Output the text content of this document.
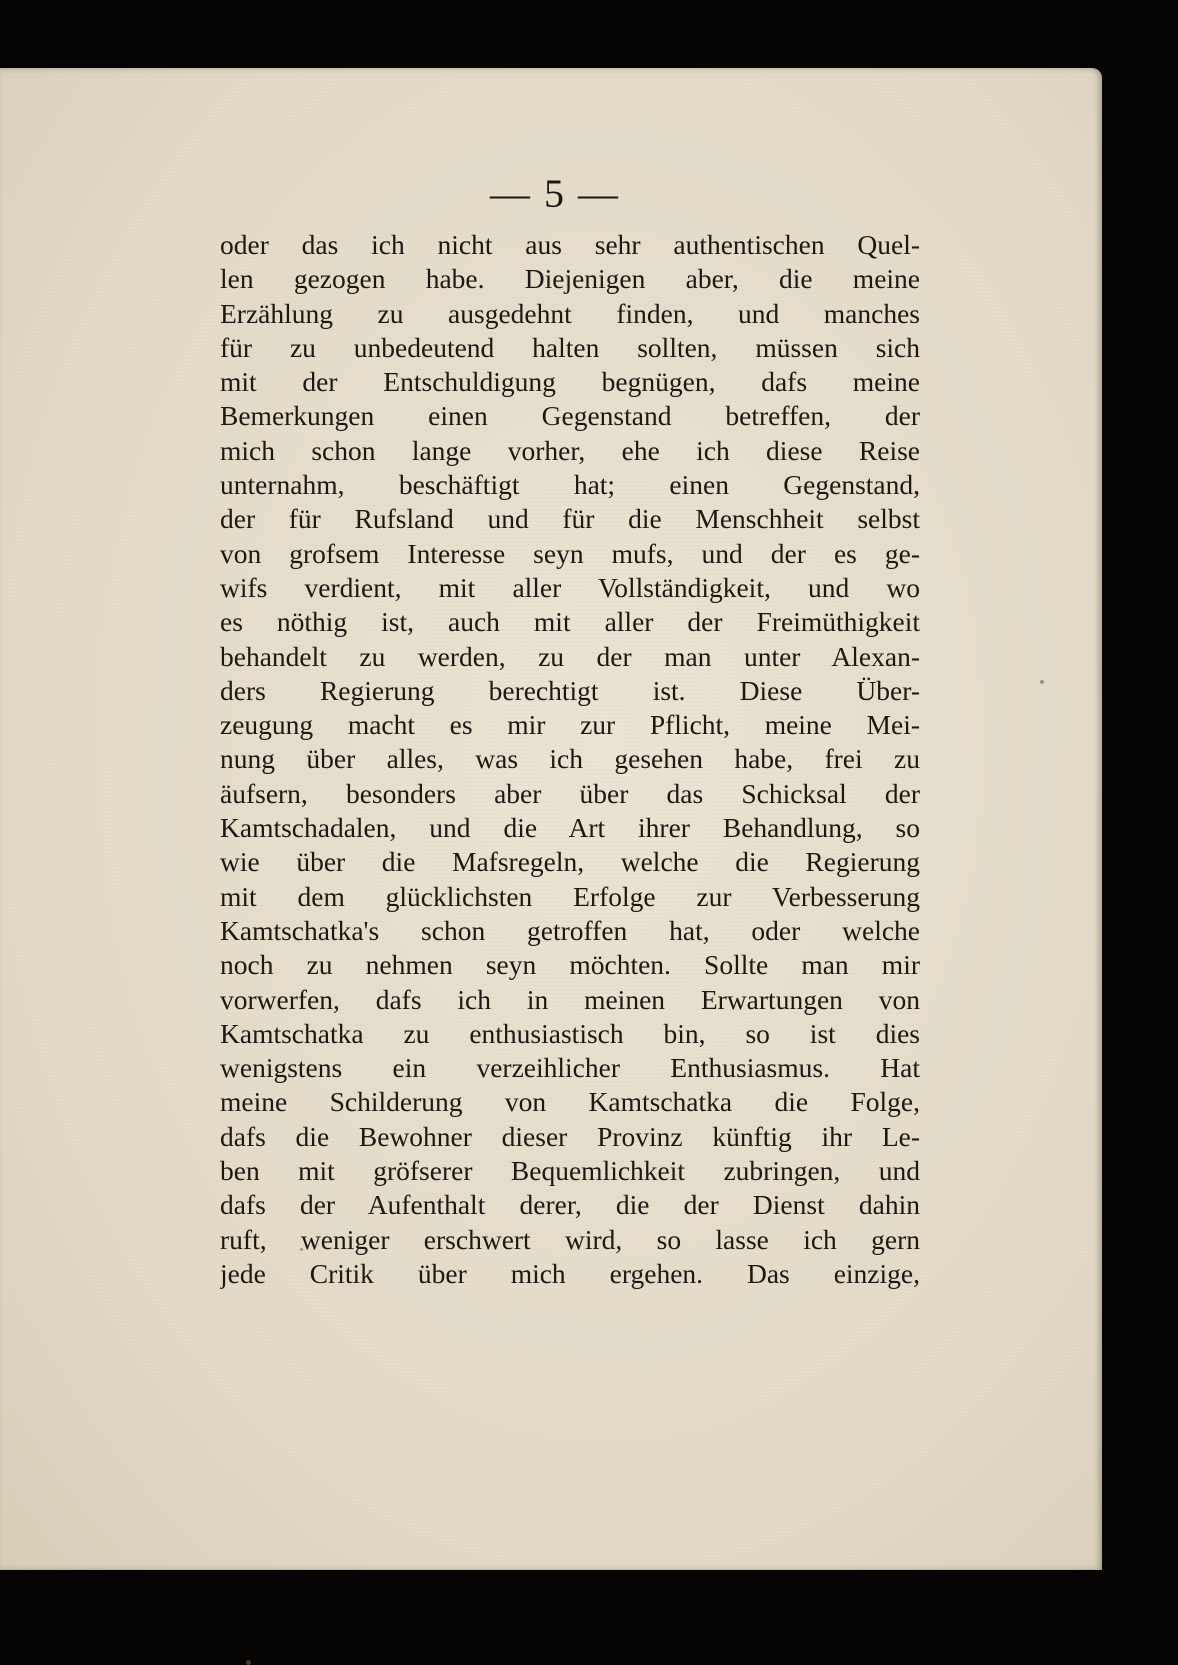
— 5 —
oder das ich nicht aus sehr authentischen Quel-
len gezogen habe. Diejenigen aber, die meine
Erzählung zu ausgedehnt finden, und manches
für zu unbedeutend halten sollten, müssen sich
mit der Entschuldigung begnügen, dafs meine
Bemerkungen einen Gegenstand betreffen, der
mich schon lange vorher, ehe ich diese Reise
unternahm, beschäftigt hat; einen Gegenstand,
der für Rufsland und für die Menschheit selbst
von grofsem Interesse seyn mufs, und der es ge-
wifs verdient, mit aller Vollständigkeit, und wo
es nöthig ist, auch mit aller der Freimüthigkeit
behandelt zu werden, zu der man unter Alexan-
ders Regierung berechtigt ist. Diese Über-
zeugung macht es mir zur Pflicht, meine Mei-
nung über alles, was ich gesehen habe, frei zu
äufsern, besonders aber über das Schicksal der
Kamtschadalen, und die Art ihrer Behandlung, so
wie über die Mafsregeln, welche die Regierung
mit dem glücklichsten Erfolge zur Verbesserung
Kamtschatka's schon getroffen hat, oder welche
noch zu nehmen seyn möchten. Sollte man mir
vorwerfen, dafs ich in meinen Erwartungen von
Kamtschatka zu enthusiastisch bin, so ist dies
wenigstens ein verzeihlicher Enthusiasmus. Hat
meine Schilderung von Kamtschatka die Folge,
dafs die Bewohner dieser Provinz künftig ihr Le-
ben mit gröfserer Bequemlichkeit zubringen, und
dafs der Aufenthalt derer, die der Dienst dahin
ruft, weniger erschwert wird, so lasse ich gern
jede Critik über mich ergehen. Das einzige,
